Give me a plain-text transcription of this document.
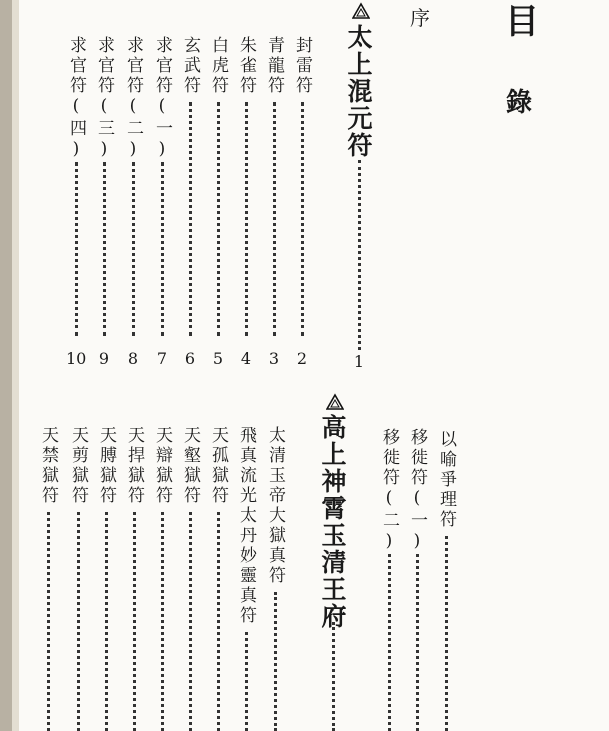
目
錄
序
太上混元符
1
封雷符
2
青龍符
3
朱雀符
4
白虎符
5
玄武符
6
求官符(一)
7
求官符(二)
8
求官符(三)
9
求官符(四)
10
高上神霄玉清王府	以喻爭理符
移徙符(一)
移徙符(二)
太清玉帝大獄真符
飛真流光太丹妙靈真符
天孤獄符
天壑獄符
天辯獄符
天捍獄符
天膊獄符
天剪獄符
天禁獄符
